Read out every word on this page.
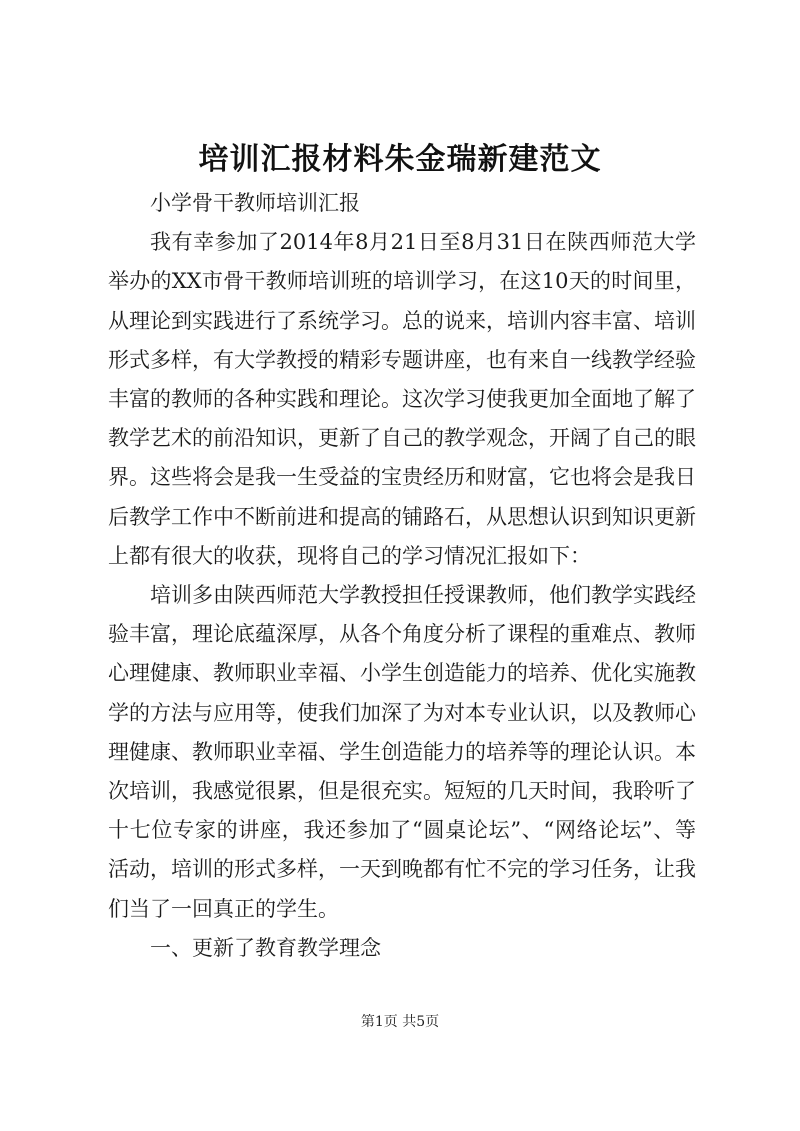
培训汇报材料朱金瑞新建范文

小学骨干教师培训汇报

我有幸参加了2014年8月21日至8月31日在陕西师范大学举办的XX市骨干教师培训班的培训学习，在这10天的时间里，从理论到实践进行了系统学习。总的说来，培训内容丰富、培训形式多样，有大学教授的精彩专题讲座，也有来自一线教学经验丰富的教师的各种实践和理论。这次学习使我更加全面地了解了教学艺术的前沿知识，更新了自己的教学观念，开阔了自己的眼界。这些将会是我一生受益的宝贵经历和财富，它也将会是我日后教学工作中不断前进和提高的铺路石，从思想认识到知识更新上都有很大的收获，现将自己的学习情况汇报如下：

培训多由陕西师范大学教授担任授课教师，他们教学实践经验丰富，理论底蕴深厚，从各个角度分析了课程的重难点、教师心理健康、教师职业幸福、小学生创造能力的培养、优化实施教学的方法与应用等，使我们加深了为对本专业认识，以及教师心理健康、教师职业幸福、学生创造能力的培养等的理论认识。本次培训，我感觉很累，但是很充实。短短的几天时间，我聆听了十七位专家的讲座，我还参加了“圆桌论坛”、“网络论坛”、等活动，培训的形式多样，一天到晚都有忙不完的学习任务，让我们当了一回真正的学生。

一、更新了教育教学理念

第1页 共5页
